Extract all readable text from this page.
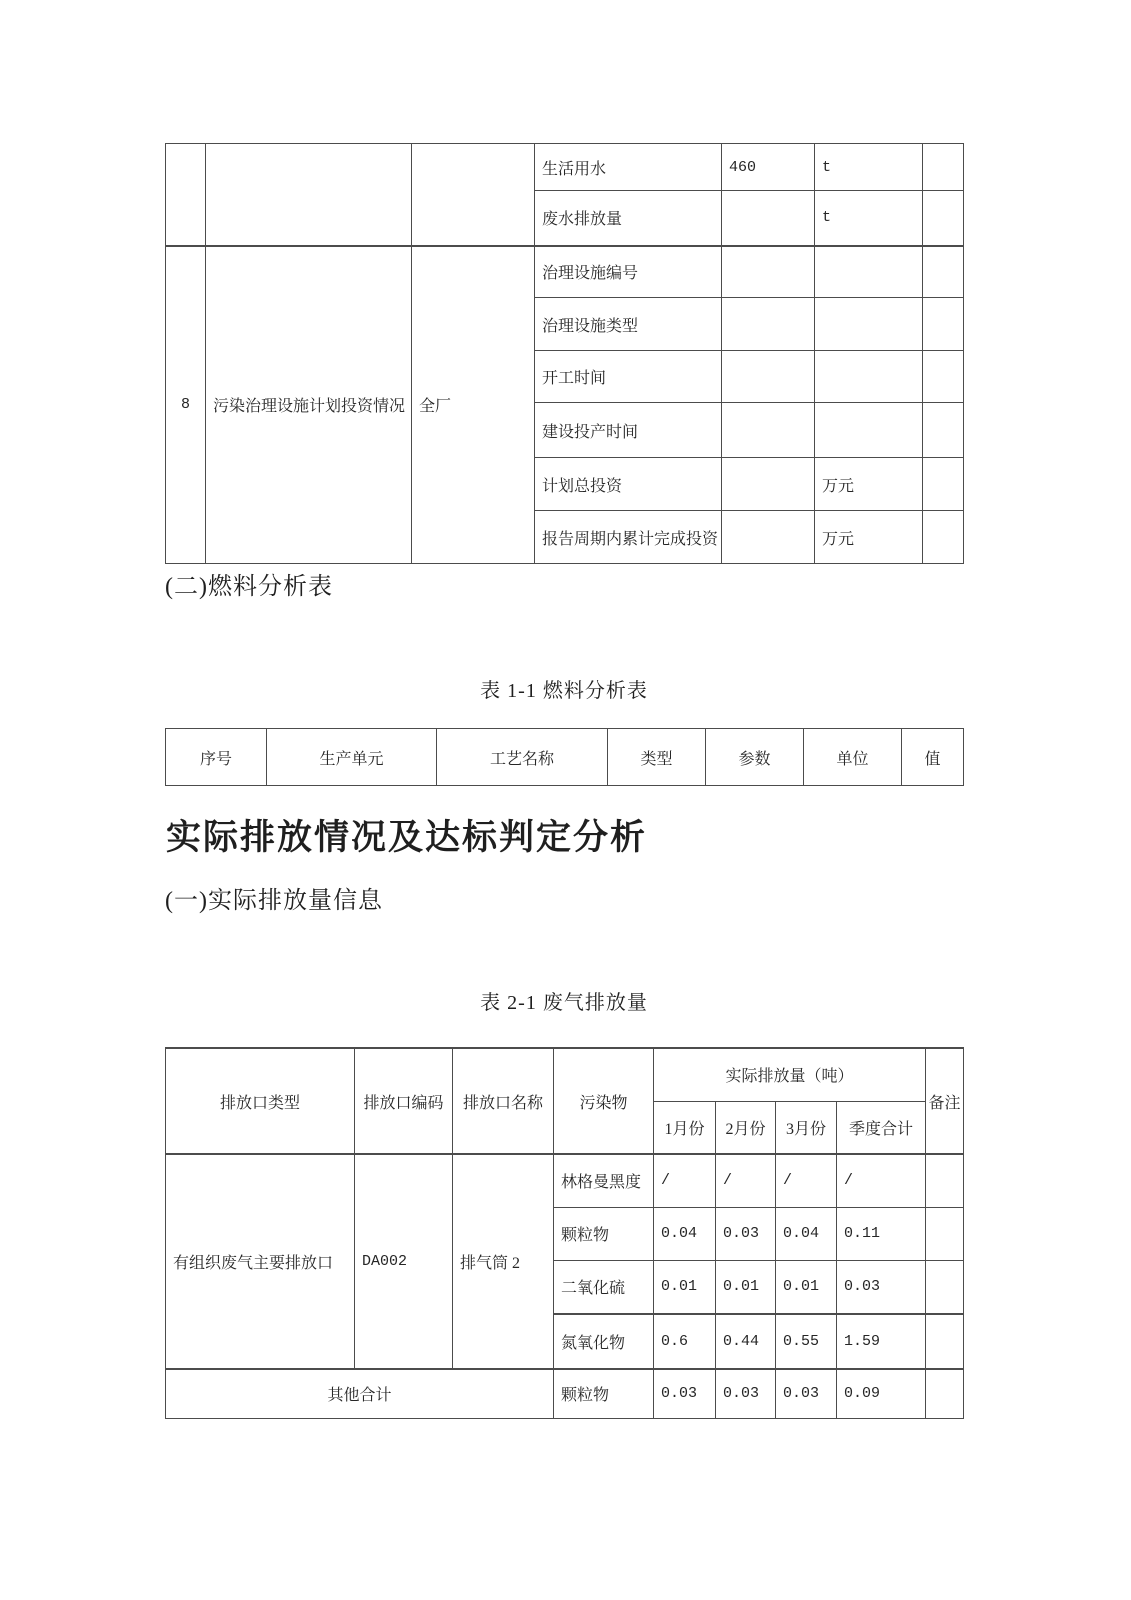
			生活用水	460	t	
			废水排放量		t	
8	污染治理设施计划投资情况	全厂	治理设施编号			
			治理设施类型			
			开工时间			
			建设投产时间			
			计划总投资		万元	
			报告周期内累计完成投资		万元	
(二)燃料分析表
表 1-1 燃料分析表
序号	生产单元	工艺名称	类型	参数	单位	值
实际排放情况及达标判定分析
(一)实际排放量信息
表 2-1 废气排放量
排放口类型	排放口编码	排放口名称	污染物	实际排放量（吨）				备注
				1月份	2月份	3月份	季度合计	
有组织废气主要排放口	DA002	排气筒 2	林格曼黑度	/	/	/	/	
			颗粒物	0.04	0.03	0.04	0.11	
			二氧化硫	0.01	0.01	0.01	0.03	
			氮氧化物	0.6	0.44	0.55	1.59	
其他合计			颗粒物	0.03	0.03	0.03	0.09	
